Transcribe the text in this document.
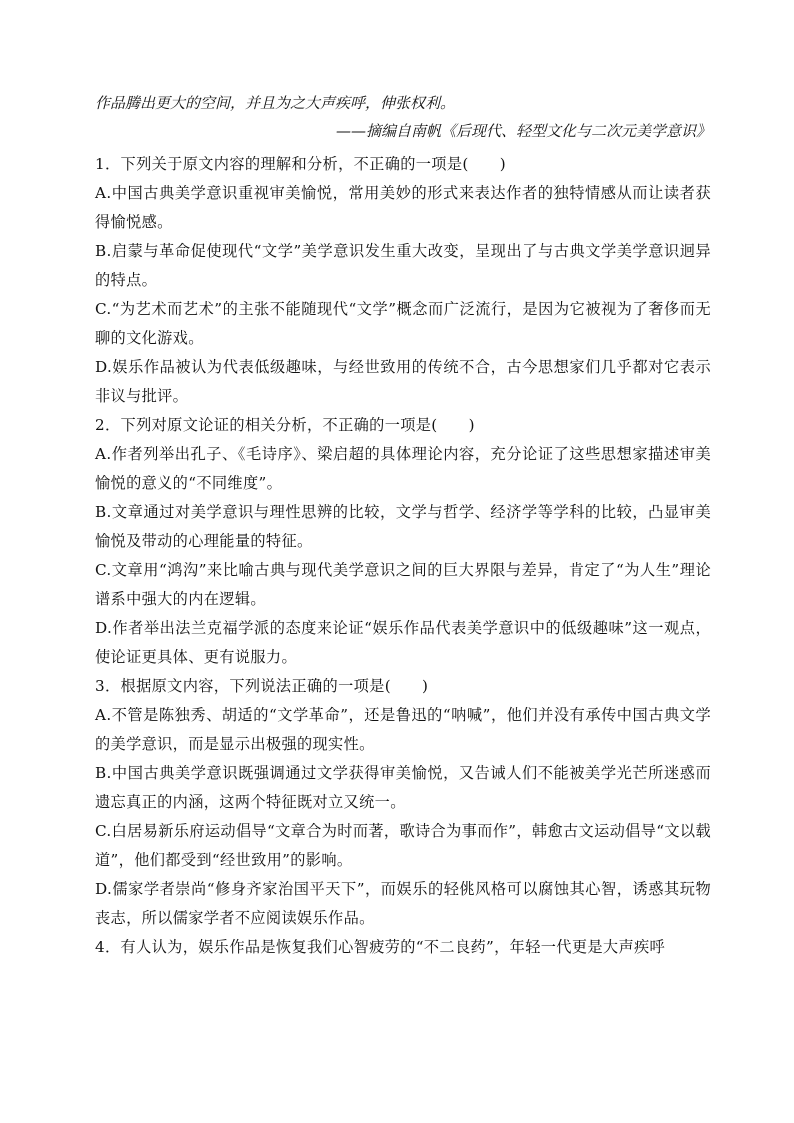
作品腾出更大的空间，并且为之大声疾呼，伸张权利。

——摘编自南帆《后现代、轻型文化与二次元美学意识》

1．下列关于原文内容的理解和分析，不正确的一项是(　　)

A.中国古典美学意识重视审美愉悦，常用美妙的形式来表达作者的独特情感从而让读者获得愉悦感。

B.启蒙与革命促使现代“文学”美学意识发生重大改变，呈现出了与古典文学美学意识迥异的特点。

C.“为艺术而艺术”的主张不能随现代“文学”概念而广泛流行，是因为它被视为了奢侈而无聊的文化游戏。

D.娱乐作品被认为代表低级趣味，与经世致用的传统不合，古今思想家们几乎都对它表示非议与批评。

2．下列对原文论证的相关分析，不正确的一项是(　　)

A.作者列举出孔子、《毛诗序》、梁启超的具体理论内容，充分论证了这些思想家描述审美愉悦的意义的“不同维度”。

B.文章通过对美学意识与理性思辨的比较，文学与哲学、经济学等学科的比较，凸显审美愉悦及带动的心理能量的特征。

C.文章用“鸿沟”来比喻古典与现代美学意识之间的巨大界限与差异，肯定了“为人生”理论谱系中强大的内在逻辑。

D.作者举出法兰克福学派的态度来论证“娱乐作品代表美学意识中的低级趣味”这一观点，使论证更具体、更有说服力。

3．根据原文内容，下列说法正确的一项是(　　)

A.不管是陈独秀、胡适的“文学革命”，还是鲁迅的“呐喊”，他们并没有承传中国古典文学的美学意识，而是显示出极强的现实性。

B.中国古典美学意识既强调通过文学获得审美愉悦，又告诫人们不能被美学光芒所迷惑而遗忘真正的内涵，这两个特征既对立又统一。

C.白居易新乐府运动倡导“文章合为时而著，歌诗合为事而作”，韩愈古文运动倡导“文以载道”，他们都受到“经世致用”的影响。

D.儒家学者崇尚“修身齐家治国平天下”，而娱乐的轻佻风格可以腐蚀其心智，诱惑其玩物丧志，所以儒家学者不应阅读娱乐作品。

4．有人认为，娱乐作品是恢复我们心智疲劳的“不二良药”，年轻一代更是大声疾呼
